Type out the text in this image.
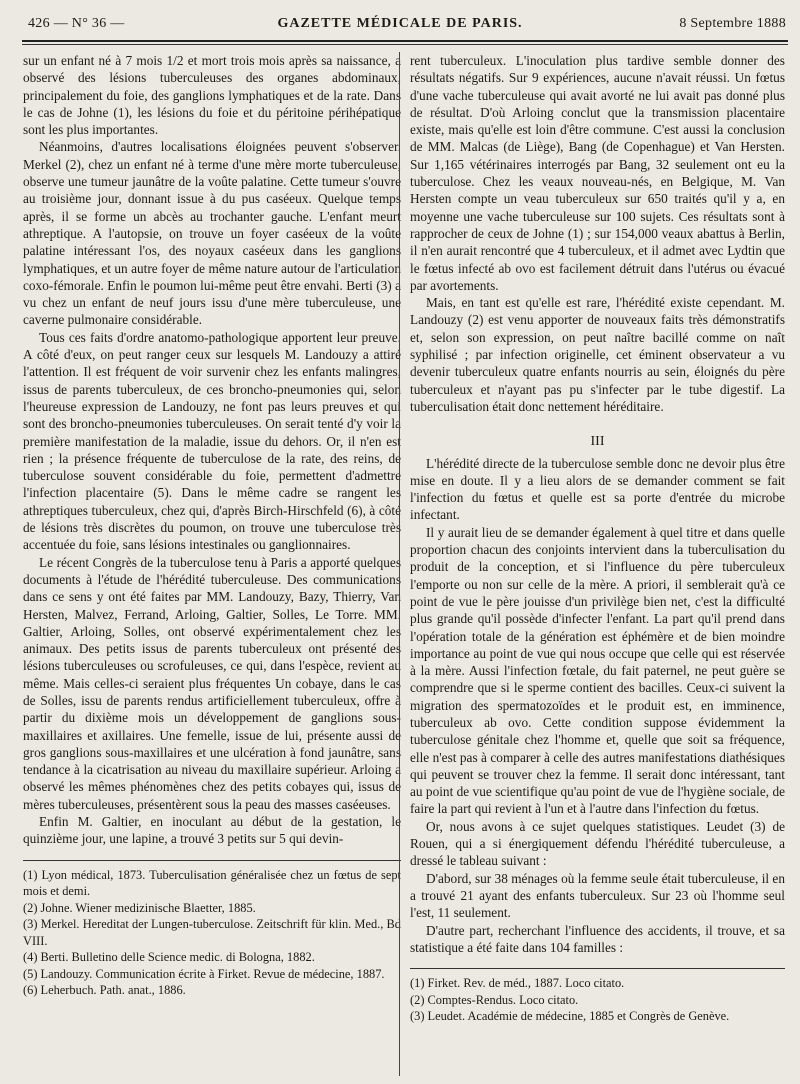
426 — N° 36 —	GAZETTE MÉDICALE DE PARIS.	8 Septembre 1888

sur un enfant né à 7 mois 1/2 et mort trois mois après sa naissance, a observé des lésions tuberculeuses des organes abdominaux, principalement du foie, des ganglions lymphatiques et de la rate. Dans le cas de Johne (1), les lésions du foie et du péritoine périhépatique sont les plus importantes.

Néanmoins, d'autres localisations éloignées peuvent s'observer. Merkel (2), chez un enfant né à terme d'une mère morte tuberculeuse, observe une tumeur jaunâtre de la voûte palatine. Cette tumeur s'ouvre au troisième jour, donnant issue à du pus caséeux. Quelque temps après, il se forme un abcès au trochanter gauche. L'enfant meurt athreptique. A l'autopsie, on trouve un foyer caséeux de la voûte palatine intéressant l'os, des noyaux caséeux dans les ganglions lymphatiques, et un autre foyer de même nature autour de l'articulation coxo-fémorale. Enfin le poumon lui-même peut être envahi. Berti (3) a vu chez un enfant de neuf jours issu d'une mère tuberculeuse, une caverne pulmonaire considérable.

Tous ces faits d'ordre anatomo-pathologique apportent leur preuve. A côté d'eux, on peut ranger ceux sur lesquels M. Landouzy a attiré l'attention. Il est fréquent de voir survenir chez les enfants malingres, issus de parents tuberculeux, de ces broncho-pneumonies qui, selon l'heureuse expression de Landouzy, ne font pas leurs preuves et qui sont des broncho-pneumonies tuberculeuses. On serait tenté d'y voir la première manifestation de la maladie, issue du dehors. Or, il n'en est rien ; la présence fréquente de tuberculose de la rate, des reins, de tuberculose souvent considérable du foie, permettent d'admettre l'infection placentaire (5). Dans le même cadre se rangent les athreptiques tuberculeux, chez qui, d'après Birch-Hirschfeld (6), à côté de lésions très discrètes du poumon, on trouve une tuberculose très accentuée du foie, sans lésions intestinales ou ganglionnaires.

Le récent Congrès de la tuberculose tenu à Paris a apporté quelques documents à l'étude de l'hérédité tuberculeuse. Des communications dans ce sens y ont été faites par MM. Landouzy, Bazy, Thierry, Van Hersten, Malvez, Ferrand, Arloing, Galtier, Solles, Le Torre. MM. Galtier, Arloing, Solles, ont observé expérimentalement chez les animaux. Des petits issus de parents tuberculeux ont présenté des lésions tuberculeuses ou scrofuleuses, ce qui, dans l'espèce, revient au même. Mais celles-ci seraient plus fréquentes Un cobaye, dans le cas de Solles, issu de parents rendus artificiellement tuberculeux, offre à partir du dixième mois un développement de ganglions sous-maxillaires et axillaires. Une femelle, issue de lui, présente aussi de gros ganglions sous-maxillaires et une ulcération à fond jaunâtre, sans tendance à la cicatrisation au niveau du maxillaire supérieur. Arloing a observé les mêmes phénomènes chez des petits cobayes qui, issus de mères tuberculeuses, présentèrent sous la peau des masses caséeuses.

Enfin M. Galtier, en inoculant au début de la gestation, le quinzième jour, une lapine, a trouvé 3 petits sur 5 qui devin-

(1) Lyon médical, 1873. Tuberculisation généralisée chez un fœtus de sept mois et demi.
(2) Johne. Wiener medizinische Blaetter, 1885.
(3) Merkel. Hereditat der Lungen-tuberculose. Zeitschrift für klin. Med., Bd VIII.
(4) Berti. Bulletino delle Science medic. di Bologna, 1882.
(5) Landouzy. Communication écrite à Firket. Revue de médecine, 1887.
(6) Leherbuch. Path. anat., 1886.

rent tuberculeux. L'inoculation plus tardive semble donner des résultats négatifs. Sur 9 expériences, aucune n'avait réussi. Un fœtus d'une vache tuberculeuse qui avait avorté ne lui avait pas donné plus de résultat. D'où Arloing conclut que la transmission placentaire existe, mais qu'elle est loin d'être commune. C'est aussi la conclusion de MM. Malcas (de Liège), Bang (de Copenhague) et Van Hersten. Sur 1,165 vétérinaires interrogés par Bang, 32 seulement ont eu la tuberculose. Chez les veaux nouveau-nés, en Belgique, M. Van Hersten compte un veau tuberculeux sur 650 traités qu'il y a, en moyenne une vache tuberculeuse sur 100 sujets. Ces résultats sont à rapprocher de ceux de Johne (1) ; sur 154,000 veaux abattus à Berlin, il n'en aurait rencontré que 4 tuberculeux, et il admet avec Lydtin que le fœtus infecté ab ovo est facilement détruit dans l'utérus ou évacué par avortements.

Mais, en tant est qu'elle est rare, l'hérédité existe cependant. M. Landouzy (2) est venu apporter de nouveaux faits très démonstratifs et, selon son expression, on peut naître bacillé comme on naît syphilisé ; par infection originelle, cet éminent observateur a vu devenir tuberculeux quatre enfants nourris au sein, éloignés du père tuberculeux et n'ayant pas pu s'infecter par le tube digestif. La tuberculisation était donc nettement héréditaire.

III

L'hérédité directe de la tuberculose semble donc ne devoir plus être mise en doute. Il y a lieu alors de se demander comment se fait l'infection du fœtus et quelle est sa porte d'entrée du microbe infectant.

Il y aurait lieu de se demander également à quel titre et dans quelle proportion chacun des conjoints intervient dans la tuberculisation du produit de la conception, et si l'influence du père tuberculeux l'emporte ou non sur celle de la mère. A priori, il semblerait qu'à ce point de vue le père jouisse d'un privilège bien net, c'est la difficulté plus grande qu'il possède d'infecter l'enfant. La part qu'il prend dans l'opération totale de la génération est éphémère et de bien moindre importance au point de vue qui nous occupe que celle qui est réservée à la mère. Aussi l'infection fœtale, du fait paternel, ne peut guère se comprendre que si le sperme contient des bacilles. Ceux-ci suivent la migration des spermatozoïdes et le produit est, en imminence, tuberculeux ab ovo. Cette condition suppose évidemment la tuberculose génitale chez l'homme et, quelle que soit sa fréquence, elle n'est pas à comparer à celle des autres manifestations diathésiques qui peuvent se trouver chez la femme. Il serait donc intéressant, tant au point de vue scientifique qu'au point de vue de l'hygiène sociale, de faire la part qui revient à l'un et à l'autre dans l'infection du fœtus.

Or, nous avons à ce sujet quelques statistiques. Leudet (3) de Rouen, qui a si énergiquement défendu l'hérédité tuberculeuse, a dressé le tableau suivant :

D'abord, sur 38 ménages où la femme seule était tuberculeuse, il en a trouvé 21 ayant des enfants tuberculeux. Sur 23 où l'homme seul l'est, 11 seulement.

D'autre part, recherchant l'influence des accidents, il trouve, et sa statistique a été faite dans 104 familles :

(1) Firket. Rev. de méd., 1887. Loco citato.
(2) Comptes-Rendus. Loco citato.
(3) Leudet. Académie de médecine, 1885 et Congrès de Genève.
